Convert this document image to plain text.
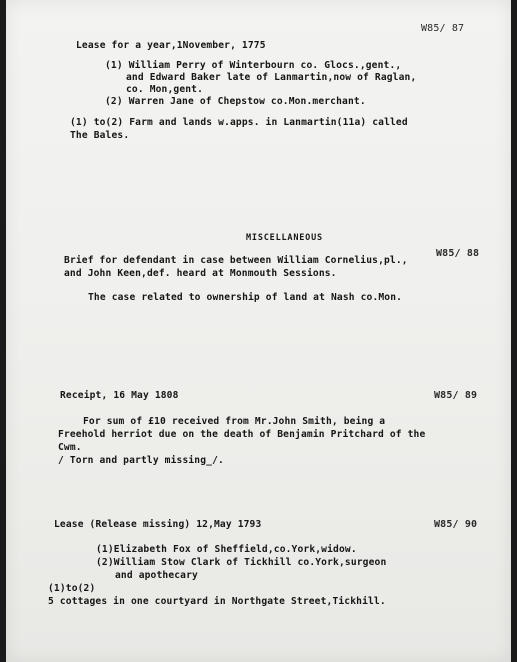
W85/ 87

Lease for a year,1November, 1775

(1) William Perry of Winterbourn co. Glocs.,gent.,

and Edward Baker late of Lanmartin,now of Raglan,

co. Mon,gent.

(2) Warren Jane of Chepstow co.Mon.merchant.

(1) to(2) Farm and lands w.apps. in Lanmartin(11a) called

The Bales.

MISCELLANEOUS

W85/ 88

Brief for defendant in case between William Cornelius,pl.,

and John Keen,def. heard at Monmouth Sessions.

The case related to ownership of land at Nash co.Mon.

W85/ 89

Receipt, 16 May 1808

For sum of £10 received from Mr.John Smith, being a

Freehold herriot due on the death of Benjamin Pritchard of the

Cwm.

/ Torn and partly missing_/.

W85/ 90

Lease (Release missing) 12,May 1793

(1)Elizabeth Fox of Sheffield,co.York,widow.

(2)William Stow Clark of Tickhill co.York,surgeon

and apothecary

(1)to(2)

5 cottages in one courtyard in Northgate Street,Tickhill.
